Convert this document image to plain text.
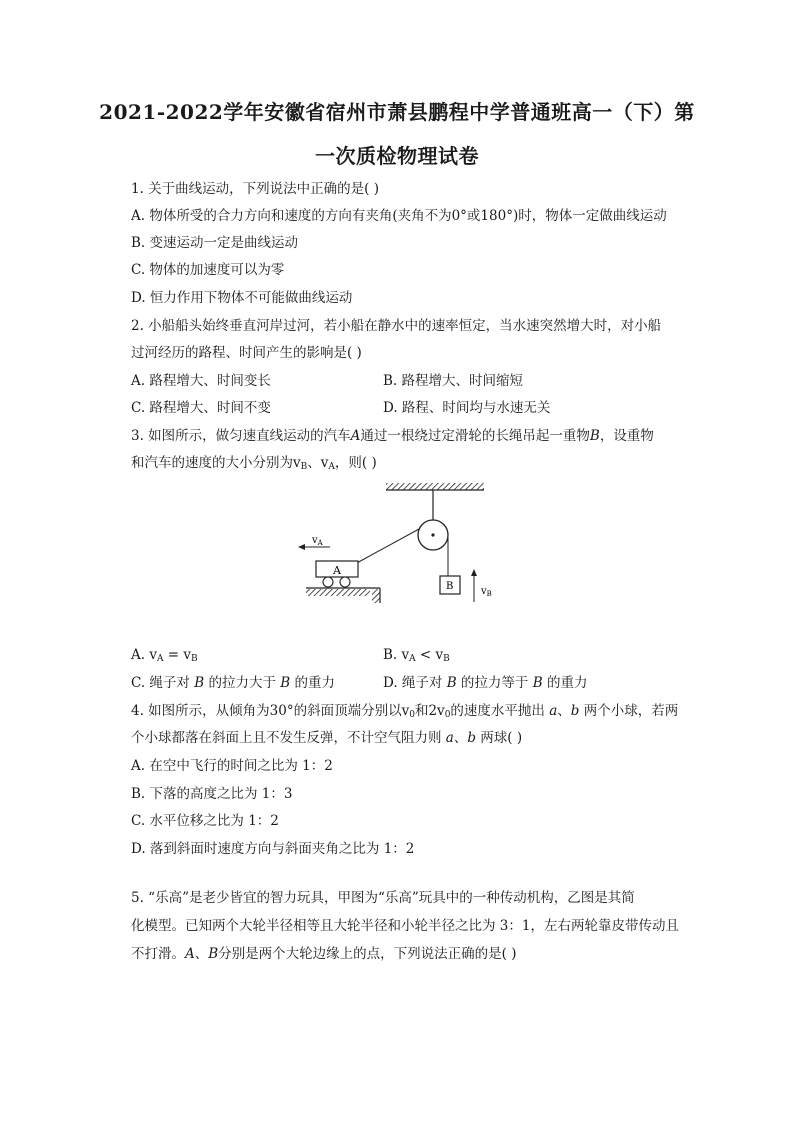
2021-2022学年安徽省宿州市萧县鹏程中学普通班高一（下）第
一次质检物理试卷
1. 关于曲线运动，下列说法中正确的是( )
A. 物体所受的合力方向和速度的方向有夹角(夹角不为0°或180°)时，物体一定做曲线运动
B. 变速运动一定是曲线运动
C. 物体的加速度可以为零
D. 恒力作用下物体不可能做曲线运动
2. 小船船头始终垂直河岸过河，若小船在静水中的速率恒定，当水速突然增大时，对小船
过河经历的路程、时间产生的影响是( )
A. 路程增大、时间变长	B. 路程增大、时间缩短
C. 路程增大、时间不变	D. 路程、时间均与水速无关
3. 如图所示，做匀速直线运动的汽车A通过一根绕过定滑轮的长绳吊起一重物B，设重物
和汽车的速度的大小分别为$v_B$、$v_A$，则( )
A
$v_A$
B	$v_B$
A. $v_A = v_B$	B. $v_A < v_B$
C. 绳子对 B 的拉力大于 B 的重力	D. 绳子对 B 的拉力等于 B 的重力
4. 如图所示，从倾角为30°的斜面顶端分别以$v_0$和$2v_0$的速度水平抛出 a、b 两个小球，若两
个小球都落在斜面上且不发生反弹，不计空气阻力则 a、b 两球( )
A. 在空中飞行的时间之比为 1：2
B. 下落的高度之比为 1：3
C. 水平位移之比为 1：2
D. 落到斜面时速度方向与斜面夹角之比为 1：2
5. “乐高”是老少皆宜的智力玩具，甲图为“乐高”玩具中的一种传动机构，乙图是其简
化模型。已知两个大轮半径相等且大轮半径和小轮半径之比为 3：1，左右两轮靠皮带传动且
不打滑。A、B分别是两个大轮边缘上的点，下列说法正确的是( )
